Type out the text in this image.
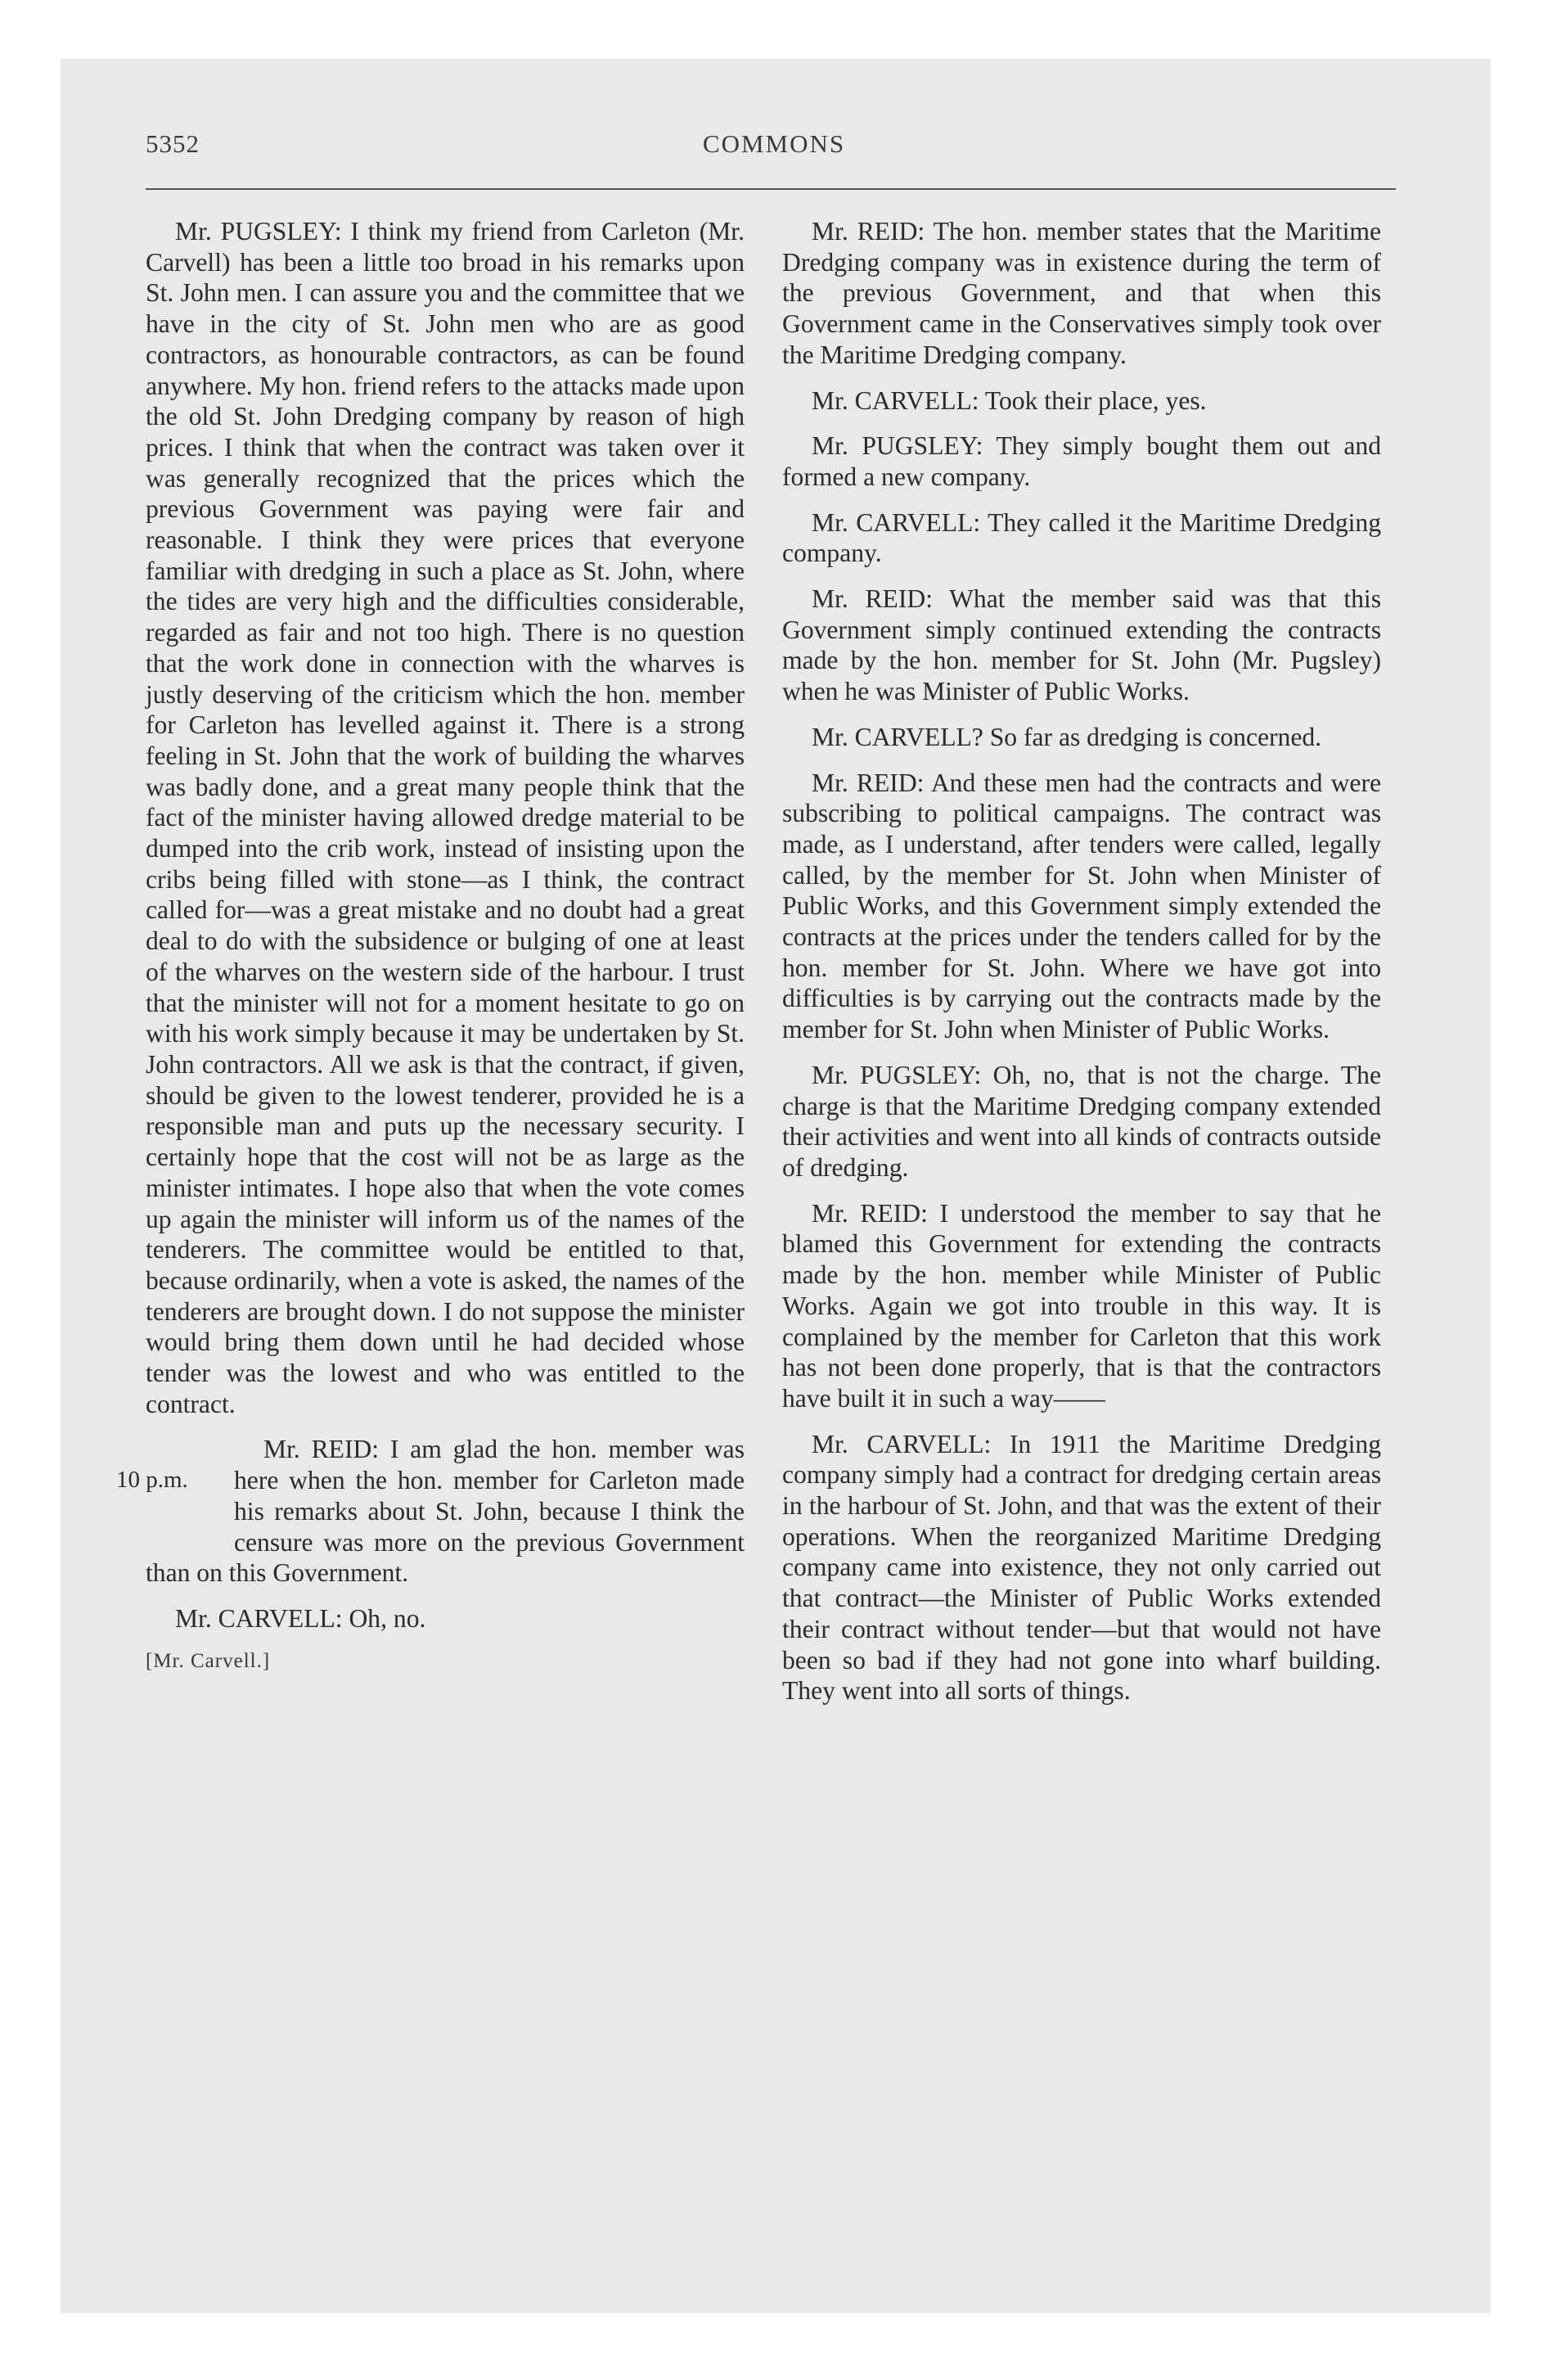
5352	COMMONS

Mr. PUGSLEY: I think my friend from Carleton (Mr. Carvell) has been a little too broad in his remarks upon St. John men. I can assure you and the committee that we have in the city of St. John men who are as good contractors, as honourable contractors, as can be found anywhere. My hon. friend refers to the attacks made upon the old St. John Dredging company by reason of high prices. I think that when the contract was taken over it was generally recognized that the prices which the previous Government was paying were fair and reasonable. I think they were prices that everyone familiar with dredging in such a place as St. John, where the tides are very high and the difficulties considerable, regarded as fair and not too high. There is no question that the work done in connection with the wharves is justly deserving of the criticism which the hon. member for Carleton has levelled against it. There is a strong feeling in St. John that the work of building the wharves was badly done, and a great many people think that the fact of the minister having allowed dredge material to be dumped into the crib work, instead of insisting upon the cribs being filled with stone—as I think, the contract called for—was a great mistake and no doubt had a great deal to do with the subsidence or bulging of one at least of the wharves on the western side of the harbour. I trust that the minister will not for a moment hesitate to go on with his work simply because it may be undertaken by St. John contractors. All we ask is that the contract, if given, should be given to the lowest tenderer, provided he is a responsible man and puts up the necessary security. I certainly hope that the cost will not be as large as the minister intimates. I hope also that when the vote comes up again the minister will inform us of the names of the tenderers. The committee would be entitled to that, because ordinarily, when a vote is asked, the names of the tenderers are brought down. I do not suppose the minister would bring them down until he had decided whose tender was the lowest and who was entitled to the contract.

10 p.m.
Mr. REID: I am glad the hon. member was here when the hon. member for Carleton made his remarks about St. John, because I think the censure was more on the previous Government than on this Government.

Mr. CARVELL: Oh, no.

[Mr. Carvell.]

Mr. REID: The hon. member states that the Maritime Dredging company was in existence during the term of the previous Government, and that when this Government came in the Conservatives simply took over the Maritime Dredging company.

Mr. CARVELL: Took their place, yes.

Mr. PUGSLEY: They simply bought them out and formed a new company.

Mr. CARVELL: They called it the Maritime Dredging company.

Mr. REID: What the member said was that this Government simply continued extending the contracts made by the hon. member for St. John (Mr. Pugsley) when he was Minister of Public Works.

Mr. CARVELL? So far as dredging is concerned.

Mr. REID: And these men had the contracts and were subscribing to political campaigns. The contract was made, as I understand, after tenders were called, legally called, by the member for St. John when Minister of Public Works, and this Government simply extended the contracts at the prices under the tenders called for by the hon. member for St. John. Where we have got into difficulties is by carrying out the contracts made by the member for St. John when Minister of Public Works.

Mr. PUGSLEY: Oh, no, that is not the charge. The charge is that the Maritime Dredging company extended their activities and went into all kinds of contracts outside of dredging.

Mr. REID: I understood the member to say that he blamed this Government for extending the contracts made by the hon. member while Minister of Public Works. Again we got into trouble in this way. It is complained by the member for Carleton that this work has not been done properly, that is that the contractors have built it in such a way——

Mr. CARVELL: In 1911 the Maritime Dredging company simply had a contract for dredging certain areas in the harbour of St. John, and that was the extent of their operations. When the reorganized Maritime Dredging company came into existence, they not only carried out that contract—the Minister of Public Works extended their contract without tender—but that would not have been so bad if they had not gone into wharf building. They went into all sorts of things.
